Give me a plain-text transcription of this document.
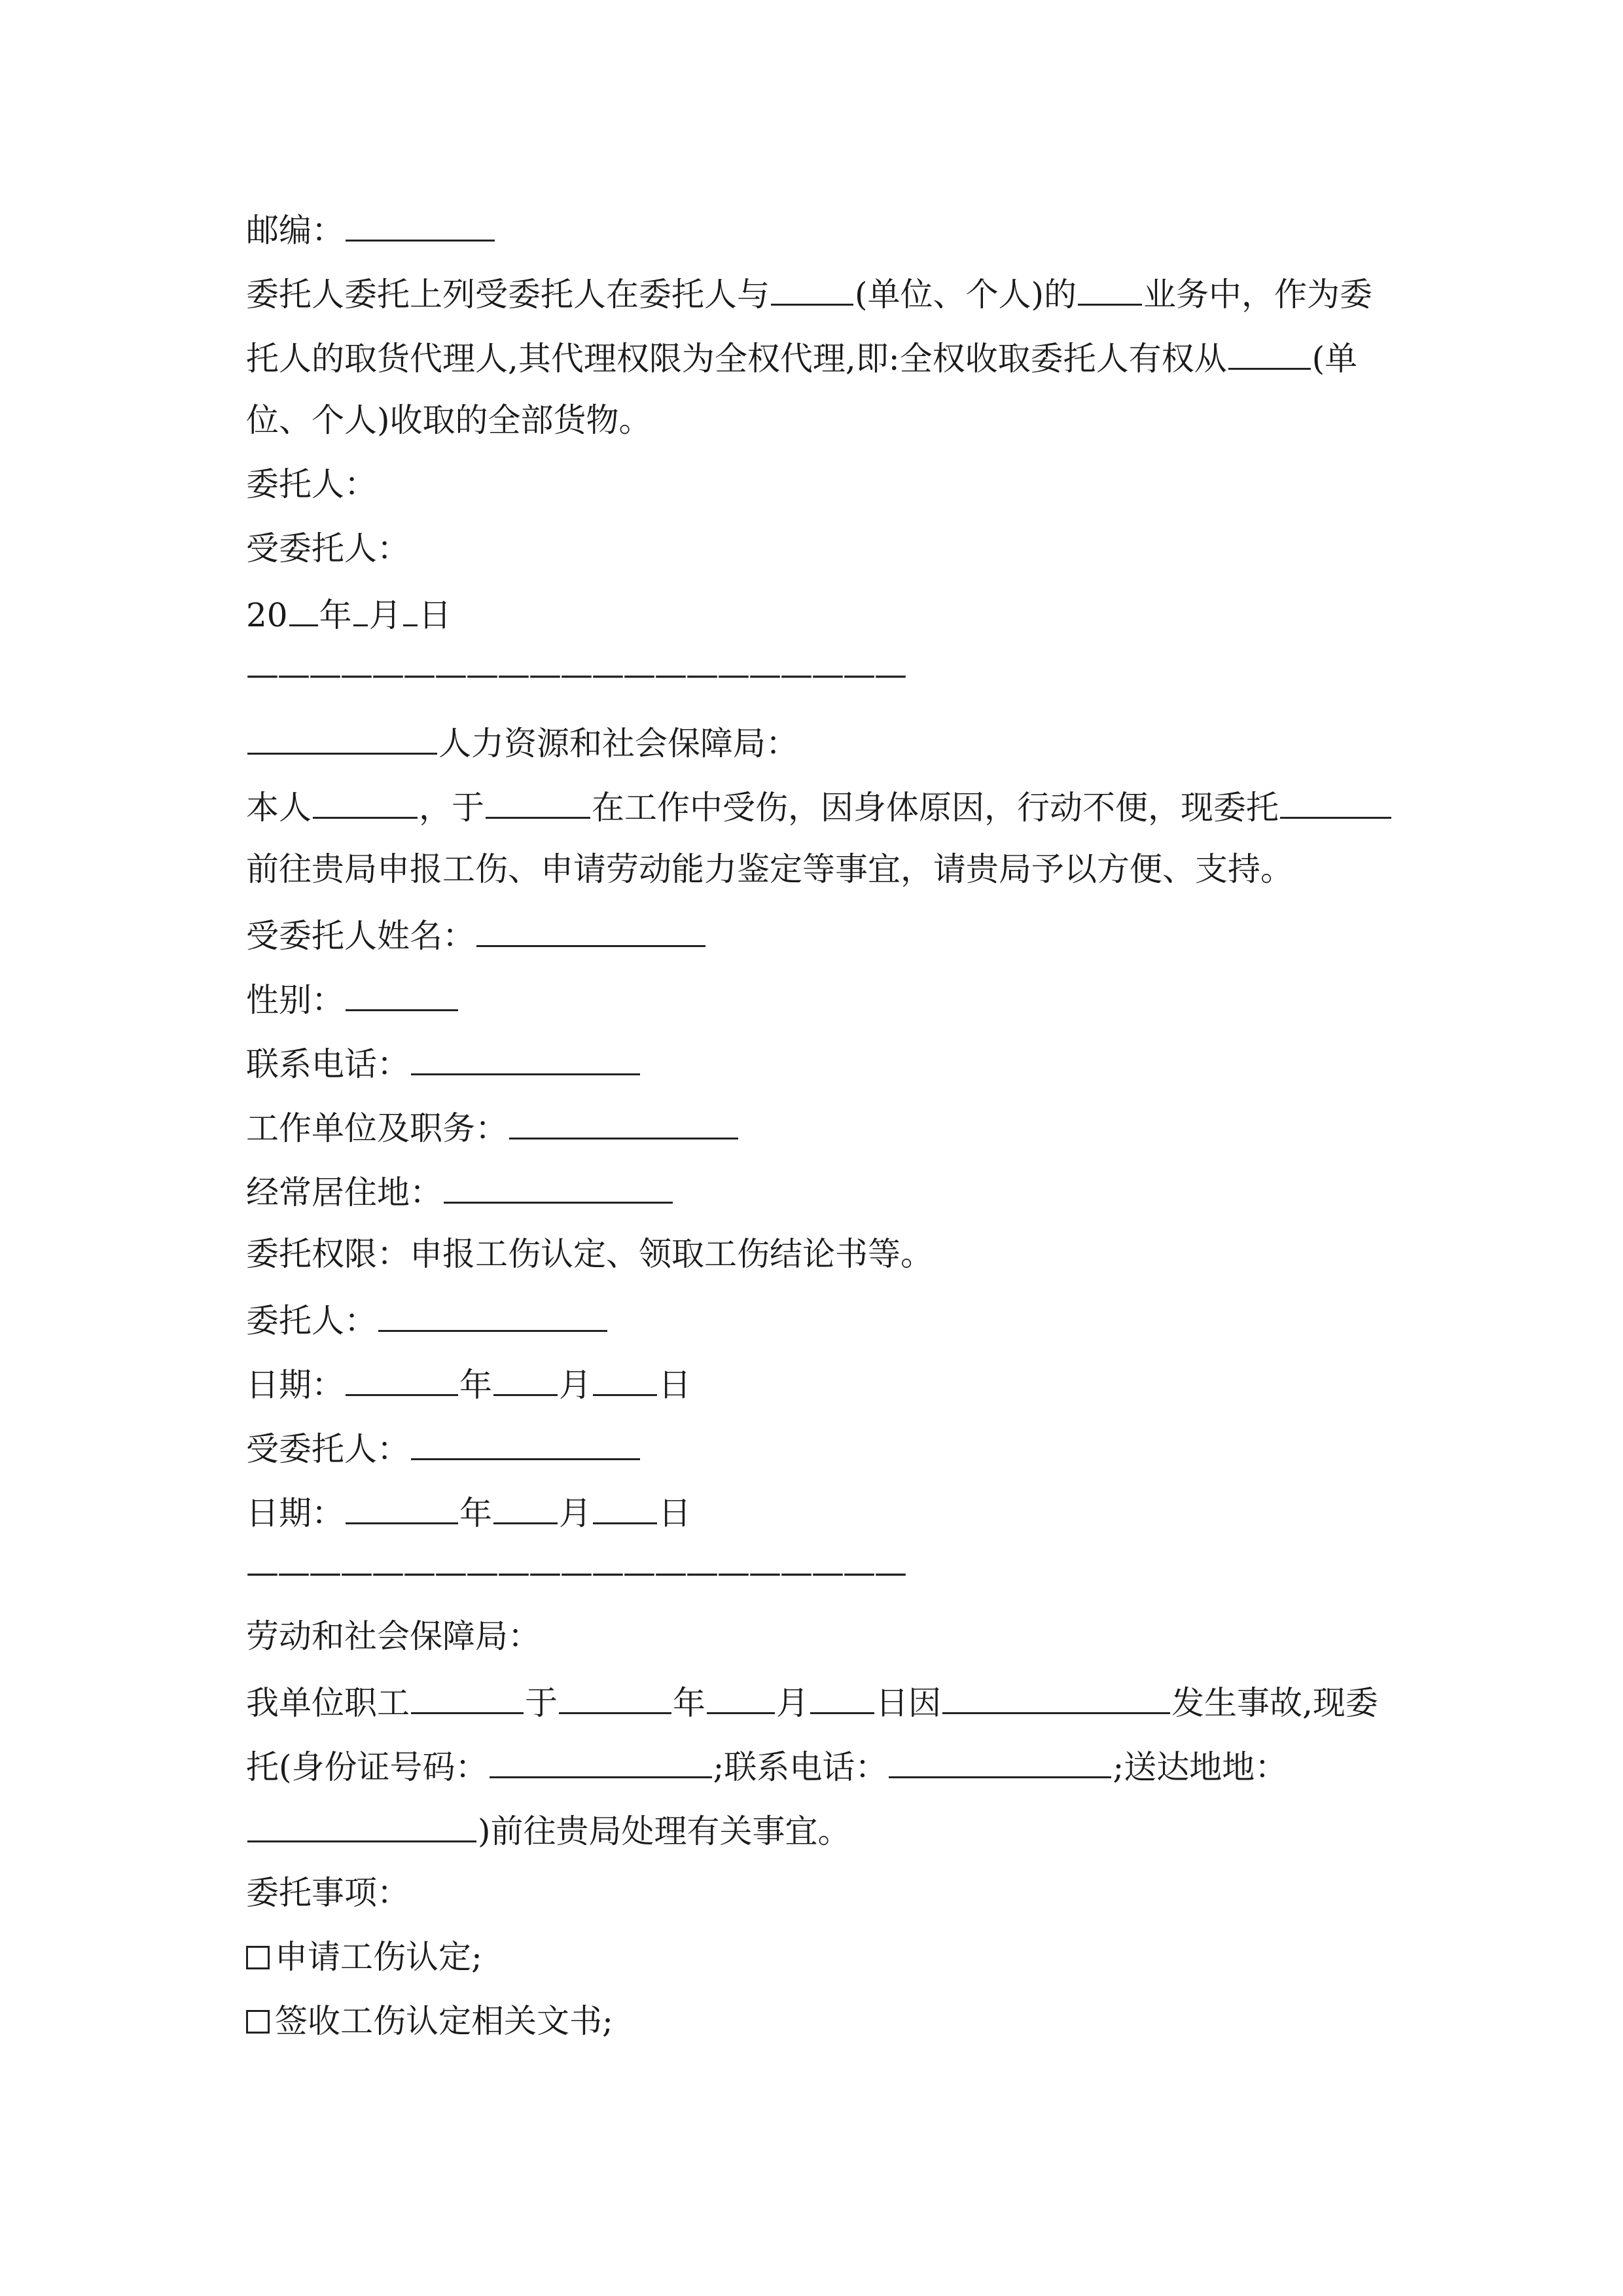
邮编：
委托人委托上列受委托人在委托人与	(单位、个人)的 业务中，作为委
托人的取货代理人,其代理权限为全权代理,即:全权收取委托人有权从	(单
位、个人)收取的全部货物。
委托人：
受委托人：
20 年 月 日
—————————————————————
人力资源和社会保障局：
本人	，于	在工作中受伤，因身体原因，行动不便，现委托
前往贵局申报工伤、申请劳动能力鉴定等事宜，请贵局予以方便、支持。
受委托人姓名：
性别：
联系电话：
工作单位及职务：
经常居住地：
委托权限：申报工伤认定、领取工伤结论书等。
委托人：
日期：	年 月 日
受委托人：
日期：	年 月 日
—————————————————————
劳动和社会保障局：
我单位职工	于	年 月 日因	发生事故,现委
托(身份证号码：	;联系电话：	;送达地地：
)前往贵局处理有关事宜。
委托事项：
申请工伤认定;
签收工伤认定相关文书;
